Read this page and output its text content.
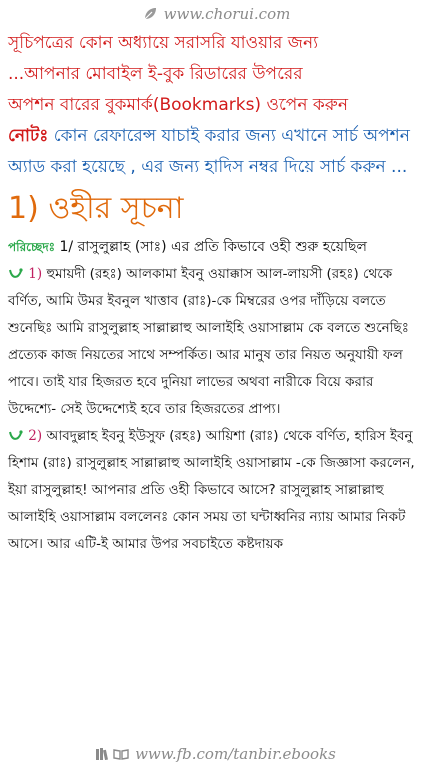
www.chorui.com

সূচিপত্রের কোন অধ্যায়ে সরাসরি যাওয়ার জন্য

...আপনার মোবাইল ই-বুক রিডারের উপরের

অপশন বারের বুকমার্ক(Bookmarks) ওপেন করুন

নোটঃ কোন রেফারেন্স যাচাই করার জন্য এখানে সার্চ অপশন অ্যাড করা হয়েছে , এর জন্য হাদিস নম্বর দিয়ে সার্চ করুন ...

1) ওহীর সূচনা
পরিচ্ছেদঃ 1/ রাসুলুল্লাহ (সাঃ) এর প্রতি কিভাবে ওহী শুরু হয়েছিল
1) হুমায়দী (রহঃ) আলকামা ইবনু ওয়াক্কাস আল-লায়সী (রহঃ) থেকে বর্ণিত, আমি উমর ইবনুল খাত্তাব (রাঃ)-কে মিম্বরের ওপর দাঁড়িয়ে বলতে শুনেছিঃ আমি রাসুলুল্লাহ সাল্লাল্লাহু আলাইহি ওয়াসাল্লাম কে বলতে শুনেছিঃ প্রত্যেক কাজ নিয়তের সাথে সম্পর্কিত। আর মানুষ তার নিয়ত অনুযায়ী ফল পাবে। তাই যার হিজরত হবে দুনিয়া লাভের অথবা নারীকে বিয়ে করার উদ্দেশ্যে- সেই উদ্দেশ্যেই হবে তার হিজরতের প্রাপ্য।
2) আবদুল্লাহ ইবনু ইউসুফ (রহঃ) আয়িশা (রাঃ) থেকে বর্ণিত, হারিস ইবনু হিশাম (রাঃ) রাসুলুল্লাহ সাল্লাল্লাহু আলাইহি ওয়াসাল্লাম -কে জিজ্ঞাসা করলেন, ইয়া রাসুলুল্লাহ! আপনার প্রতি ওহী কিভাবে আসে? রাসুলুল্লাহ সাল্লাল্লাহু আলাইহি ওয়াসাল্লাম বললেনঃ কোন সময় তা ঘন্টাধ্বনির ন্যায় আমার নিকট আসে। আর এটি-ই আমার উপর সবচাইতে কষ্টদায়ক
www.fb.com/tanbir.ebooks
